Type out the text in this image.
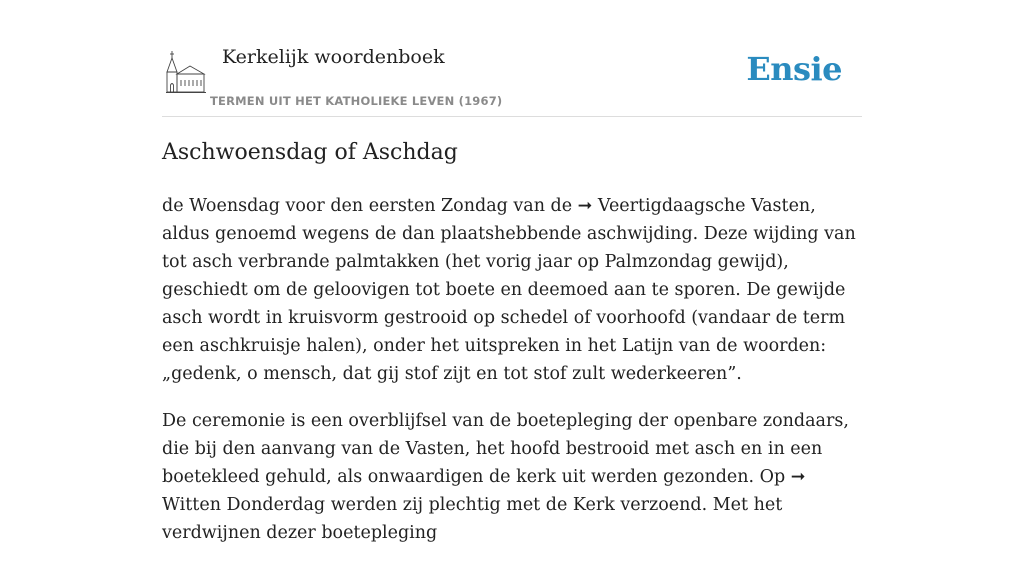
Kerkelijk woordenboek
TERMEN UIT HET KATHOLIEKE LEVEN (1967)
Ensie
Aschwoensdag of Aschdag

de Woensdag voor den eersten Zondag van de ➞ Veertigdaagsche Vasten, aldus genoemd wegens de dan plaatshebbende aschwijding. Deze wijding van tot asch verbrande palmtakken (het vorig jaar op Palmzondag gewijd), geschiedt om de geloovigen tot boete en deemoed aan te sporen. De gewijde asch wordt in kruisvorm gestrooid op schedel of voorhoofd (vandaar de term een aschkruisje halen), onder het uitspreken in het Latijn van de woorden: „gedenk, o mensch, dat gij stof zijt en tot stof zult wederkeeren”.

De ceremonie is een overblijfsel van de boetepleging der openbare zondaars, die bij den aanvang van de Vasten, het hoofd bestrooid met asch en in een boetekleed gehuld, als onwaardigen de kerk uit werden gezonden. Op ➞ Witten Donderdag werden zij plechtig met de Kerk verzoend. Met het verdwijnen dezer boetepleging
